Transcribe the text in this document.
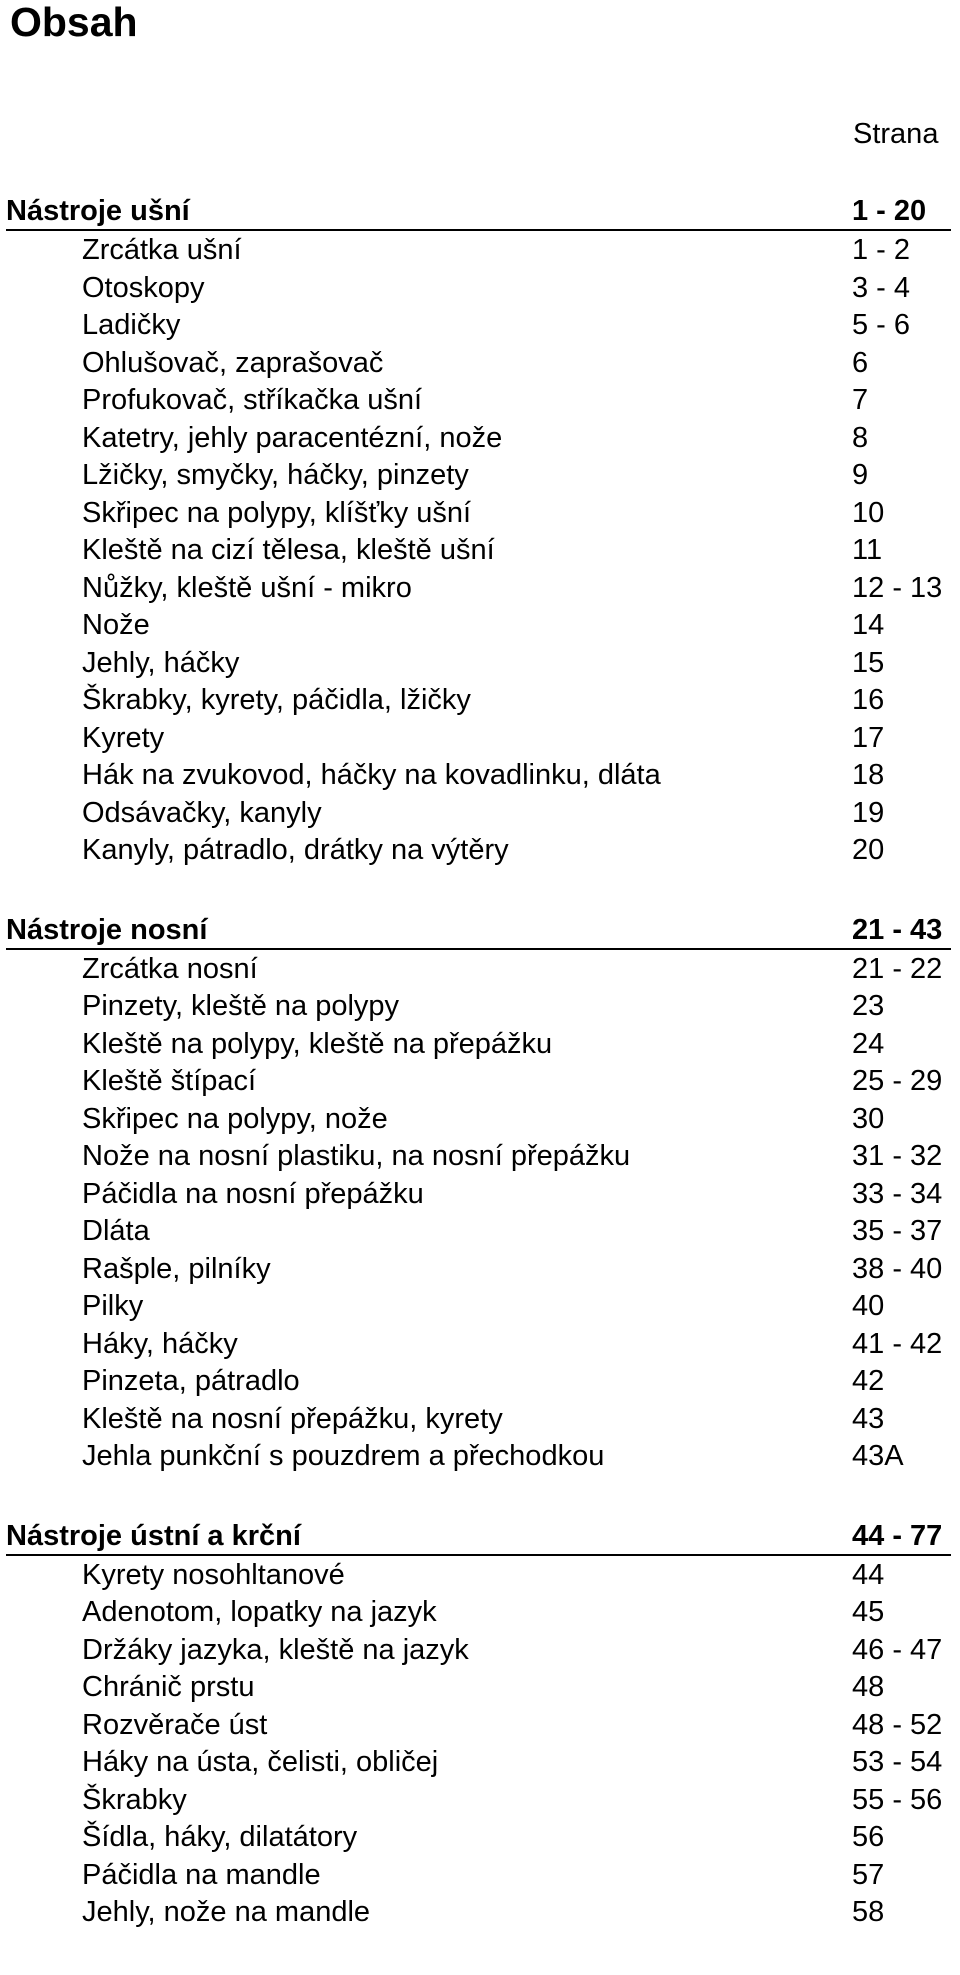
Obsah
Strana
Nástroje ušní	1 - 20
Zrcátka ušní	1 - 2
Otoskopy	3 - 4
Ladičky	5 - 6
Ohlušovač, zaprašovač	6
Profukovač, stříkačka ušní	7
Katetry, jehly paracentézní, nože	8
Lžičky, smyčky, háčky, pinzety	9
Skřipec na polypy, klíšťky ušní	10
Kleště na cizí tělesa, kleště ušní	11
Nůžky, kleště ušní - mikro	12 - 13
Nože	14
Jehly, háčky	15
Škrabky, kyrety, páčidla, lžičky	16
Kyrety	17
Hák na zvukovod, háčky na kovadlinku, dláta	18
Odsávačky, kanyly	19
Kanyly, pátradlo, drátky na výtěry	20
Nástroje nosní	21 - 43
Zrcátka nosní	21 - 22
Pinzety, kleště na polypy	23
Kleště na polypy, kleště na přepážku	24
Kleště štípací	25 - 29
Skřipec na polypy, nože	30
Nože na nosní plastiku, na nosní přepážku	31 - 32
Páčidla na nosní přepážku	33 - 34
Dláta	35 - 37
Rašple, pilníky	38 - 40
Pilky	40
Háky, háčky	41 - 42
Pinzeta, pátradlo	42
Kleště na nosní přepážku, kyrety	43
Jehla punkční s pouzdrem a přechodkou	43A
Nástroje ústní a krční	44 - 77
Kyrety nosohltanové	44
Adenotom, lopatky na jazyk	45
Držáky jazyka, kleště na jazyk	46 - 47
Chránič prstu	48
Rozvěrače úst	48 - 52
Háky na ústa, čelisti, obličej	53 - 54
Škrabky	55 - 56
Šídla, háky, dilatátory	56
Páčidla na mandle	57
Jehly, nože na mandle	58
